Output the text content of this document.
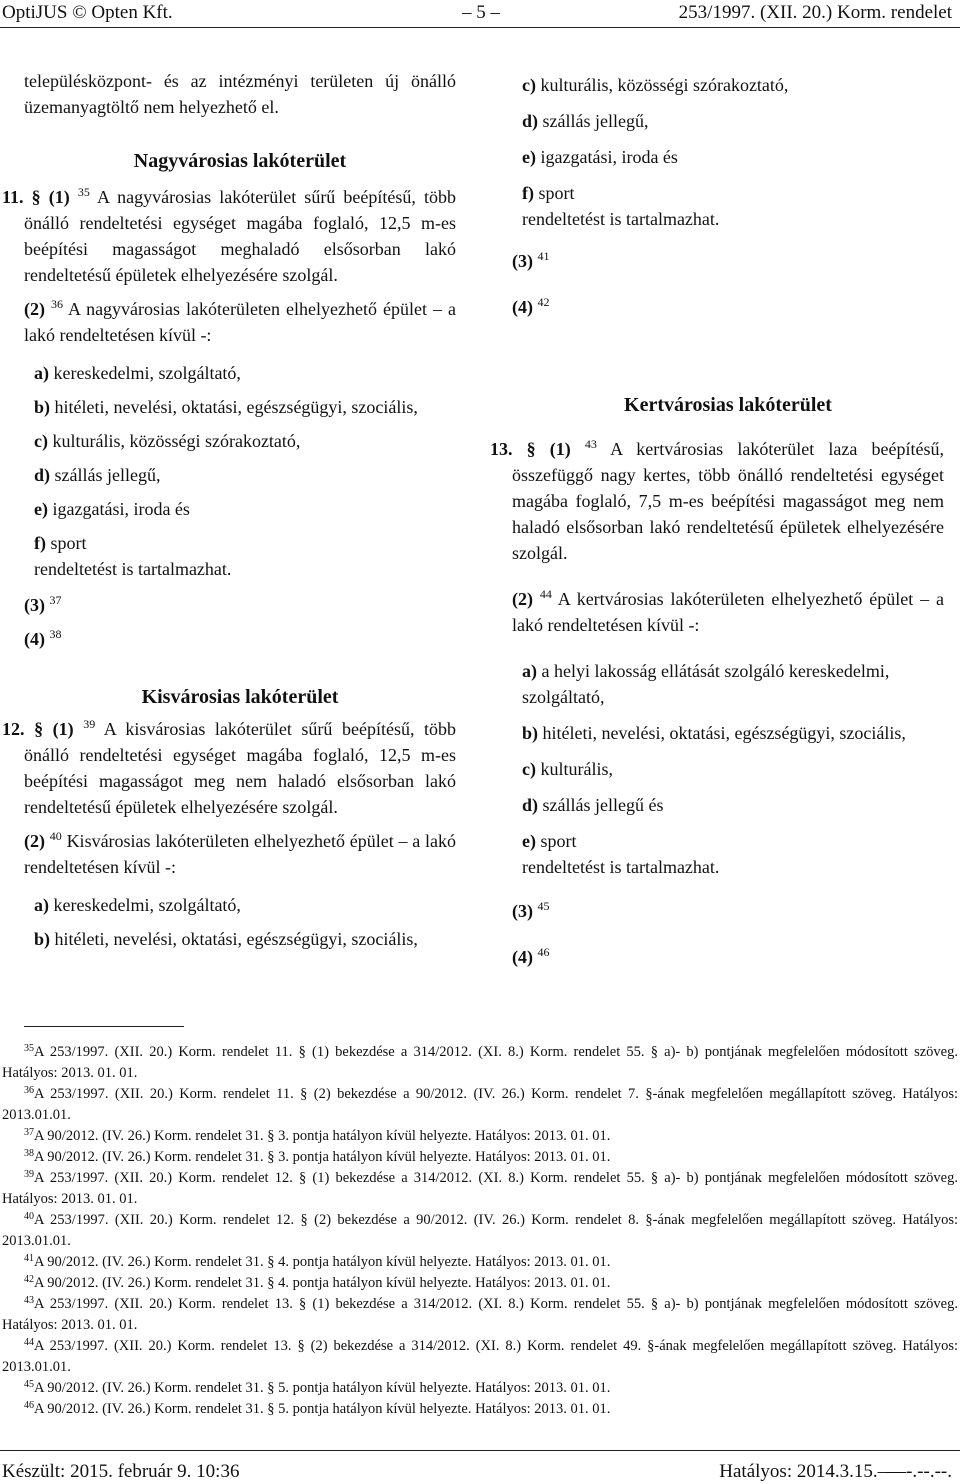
OptiJUS © Opten Kft.	– 5 –	253/1997. (XII. 20.) Korm. rendelet

településközpont- és az intézményi területen új önálló üzemanyagtöltő nem helyezhető el.

Nagyvárosias lakóterület

11. § (1) $^{35}$ A nagyvárosias lakóterület sűrű beépítésű, több önálló rendeltetési egységet magába foglaló, 12,5 m-es beépítési magasságot meghaladó elsősorban lakó rendeltetésű épületek elhelyezésére szolgál.

(2) $^{36}$ A nagyvárosias lakóterületen elhelyezhető épület – a lakó rendeltetésen kívül -:

a) kereskedelmi, szolgáltató,

b) hitéleti, nevelési, oktatási, egészségügyi, szociális,

c) kulturális, közösségi szórakoztató,

d) szállás jellegű,

e) igazgatási, iroda és

f) sport

rendeltetést is tartalmazhat.

(3) $^{37}$

(4) $^{38}$

Kisvárosias lakóterület

12. § (1) $^{39}$ A kisvárosias lakóterület sűrű beépítésű, több önálló rendeltetési egységet magába foglaló, 12,5 m-es beépítési magasságot meg nem haladó elsősorban lakó rendeltetésű épületek elhelyezésére szolgál.

(2) $^{40}$ Kisvárosias lakóterületen elhelyezhető épület – a lakó rendeltetésen kívül -:

a) kereskedelmi, szolgáltató,

b) hitéleti, nevelési, oktatási, egészségügyi, szociális,

c) kulturális, közösségi szórakoztató,

d) szállás jellegű,

e) igazgatási, iroda és

f) sport

rendeltetést is tartalmazhat.

(3) $^{41}$

(4) $^{42}$

Kertvárosias lakóterület

13. § (1) $^{43}$ A kertvárosias lakóterület laza beépítésű, összefüggő nagy kertes, több önálló rendeltetési egységet magába foglaló, 7,5 m-es beépítési magasságot meg nem haladó elsősorban lakó rendeltetésű épületek elhelyezésére szolgál.

(2) $^{44}$ A kertvárosias lakóterületen elhelyezhető épület – a lakó rendeltetésen kívül -:

a) a helyi lakosság ellátását szolgáló kereskedelmi, szolgáltató,

b) hitéleti, nevelési, oktatási, egészségügyi, szociális,

c) kulturális,

d) szállás jellegű és

e) sport

rendeltetést is tartalmazhat.

(3) $^{45}$

(4) $^{46}$

$^{35}$A 253/1997. (XII. 20.) Korm. rendelet 11. § (1) bekezdése a 314/2012. (XI. 8.) Korm. rendelet 55. § a)- b) pontjának megfelelően módosított szöveg. Hatályos: 2013. 01. 01.
$^{36}$A 253/1997. (XII. 20.) Korm. rendelet 11. § (2) bekezdése a 90/2012. (IV. 26.) Korm. rendelet 7. §-ának megfelelően megállapított szöveg. Hatályos: 2013.01.01.
$^{37}$A 90/2012. (IV. 26.) Korm. rendelet 31. § 3. pontja hatályon kívül helyezte. Hatályos: 2013. 01. 01.
$^{38}$A 90/2012. (IV. 26.) Korm. rendelet 31. § 3. pontja hatályon kívül helyezte. Hatályos: 2013. 01. 01.
$^{39}$A 253/1997. (XII. 20.) Korm. rendelet 12. § (1) bekezdése a 314/2012. (XI. 8.) Korm. rendelet 55. § a)- b) pontjának megfelelően módosított szöveg. Hatályos: 2013. 01. 01.
$^{40}$A 253/1997. (XII. 20.) Korm. rendelet 12. § (2) bekezdése a 90/2012. (IV. 26.) Korm. rendelet 8. §-ának megfelelően megállapított szöveg. Hatályos: 2013.01.01.
$^{41}$A 90/2012. (IV. 26.) Korm. rendelet 31. § 4. pontja hatályon kívül helyezte. Hatályos: 2013. 01. 01.
$^{42}$A 90/2012. (IV. 26.) Korm. rendelet 31. § 4. pontja hatályon kívül helyezte. Hatályos: 2013. 01. 01.
$^{43}$A 253/1997. (XII. 20.) Korm. rendelet 13. § (1) bekezdése a 314/2012. (XI. 8.) Korm. rendelet 55. § a)- b) pontjának megfelelően módosított szöveg. Hatályos: 2013. 01. 01.
$^{44}$A 253/1997. (XII. 20.) Korm. rendelet 13. § (2) bekezdése a 314/2012. (XI. 8.) Korm. rendelet 49. §-ának megfelelően megállapított szöveg. Hatályos: 2013.01.01.
$^{45}$A 90/2012. (IV. 26.) Korm. rendelet 31. § 5. pontja hatályon kívül helyezte. Hatályos: 2013. 01. 01.
$^{46}$A 90/2012. (IV. 26.) Korm. rendelet 31. § 5. pontja hatályon kívül helyezte. Hatályos: 2013. 01. 01.
Készült: 2015. február 9. 10:36	Hatályos: 2014.3.15.–—-.--.--.
